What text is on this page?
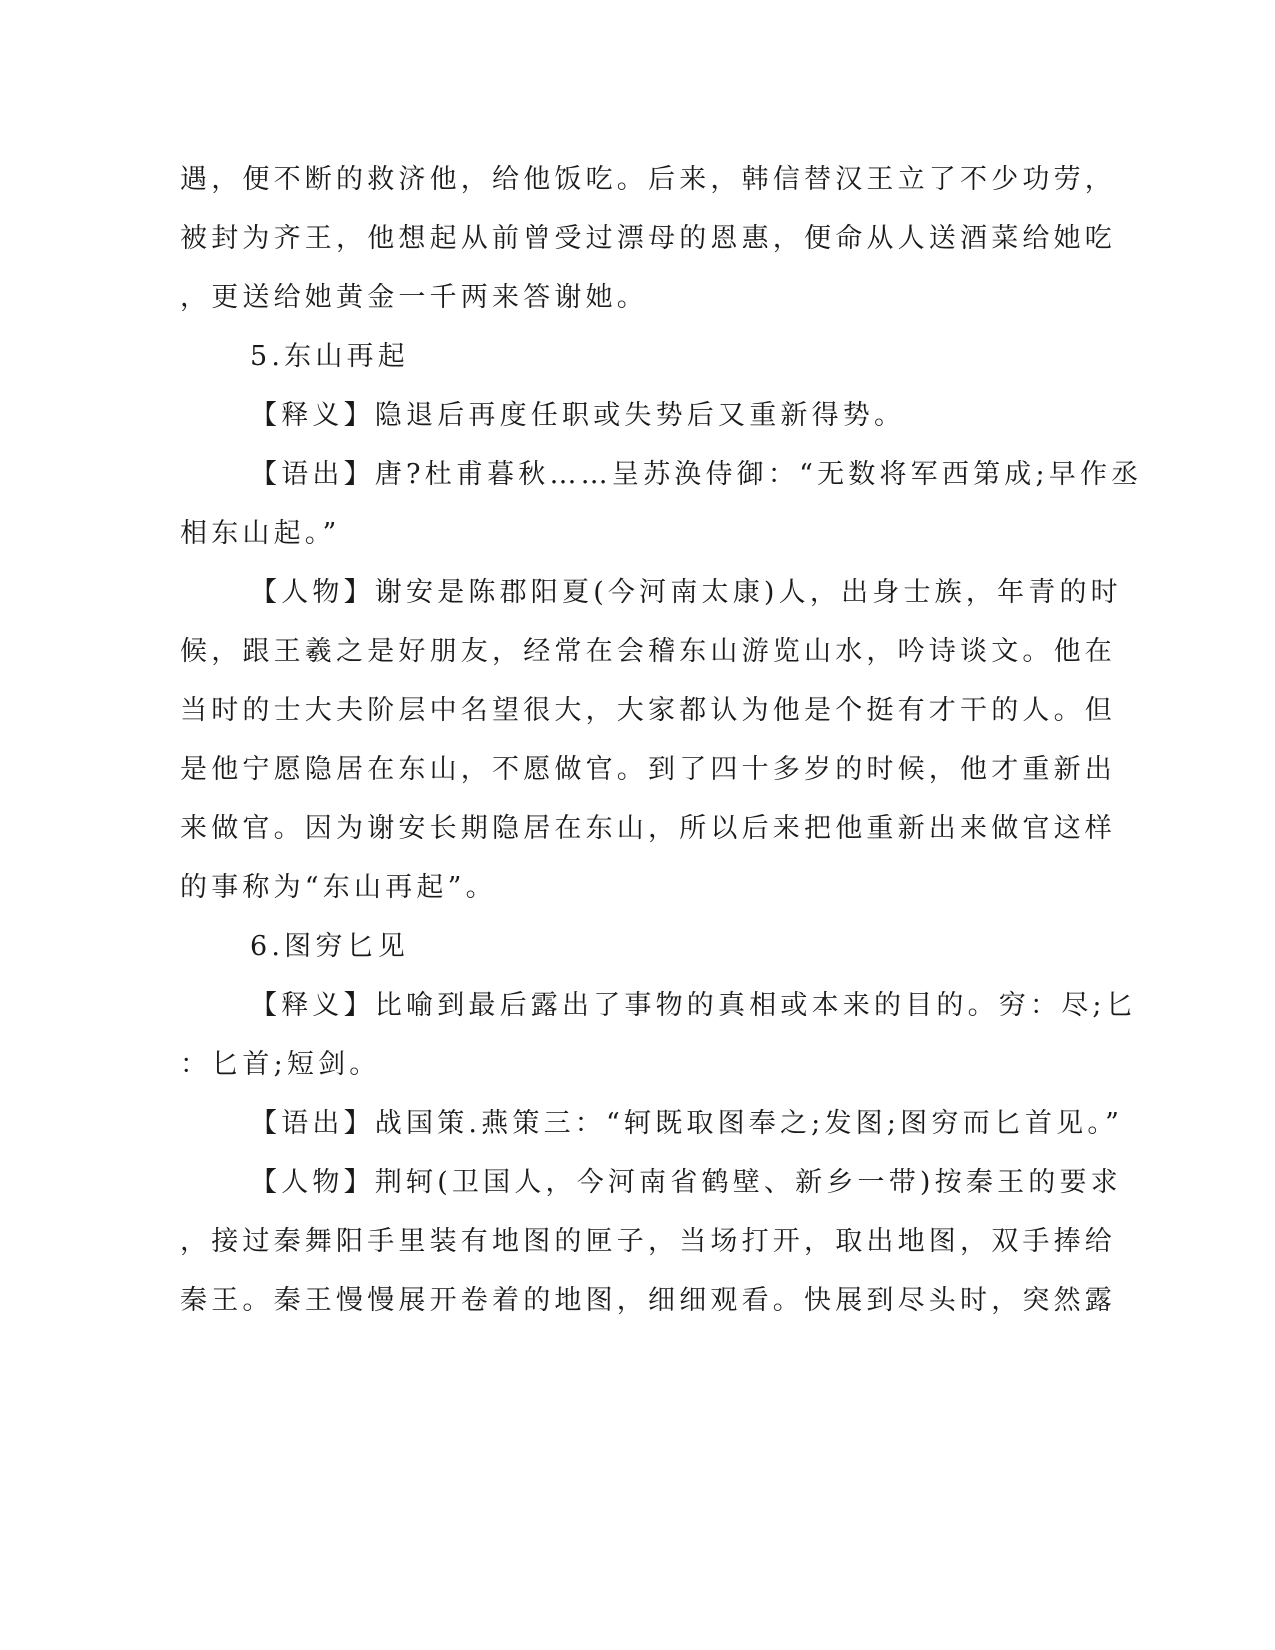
遇，便不断的救济他，给他饭吃。后来，韩信替汉王立了不少功劳，
被封为齐王，他想起从前曾受过漂母的恩惠，便命从人送酒菜给她吃
，更送给她黄金一千两来答谢她。
5.东山再起
【释义】隐退后再度任职或失势后又重新得势。
【语出】唐?杜甫暮秋……呈苏涣侍御：“无数将军西第成;早作丞
相东山起。”
【人物】谢安是陈郡阳夏(今河南太康)人，出身士族，年青的时
候，跟王羲之是好朋友，经常在会稽东山游览山水，吟诗谈文。他在
当时的士大夫阶层中名望很大，大家都认为他是个挺有才干的人。但
是他宁愿隐居在东山，不愿做官。到了四十多岁的时候，他才重新出
来做官。因为谢安长期隐居在东山，所以后来把他重新出来做官这样
的事称为“东山再起”。
6.图穷匕见
【释义】比喻到最后露出了事物的真相或本来的目的。穷：尽;匕
：匕首;短剑。
【语出】战国策.燕策三：“轲既取图奉之;发图;图穷而匕首见。”
【人物】荆轲(卫国人，今河南省鹤壁、新乡一带)按秦王的要求
，接过秦舞阳手里装有地图的匣子，当场打开，取出地图，双手捧给
秦王。秦王慢慢展开卷着的地图，细细观看。快展到尽头时，突然露
